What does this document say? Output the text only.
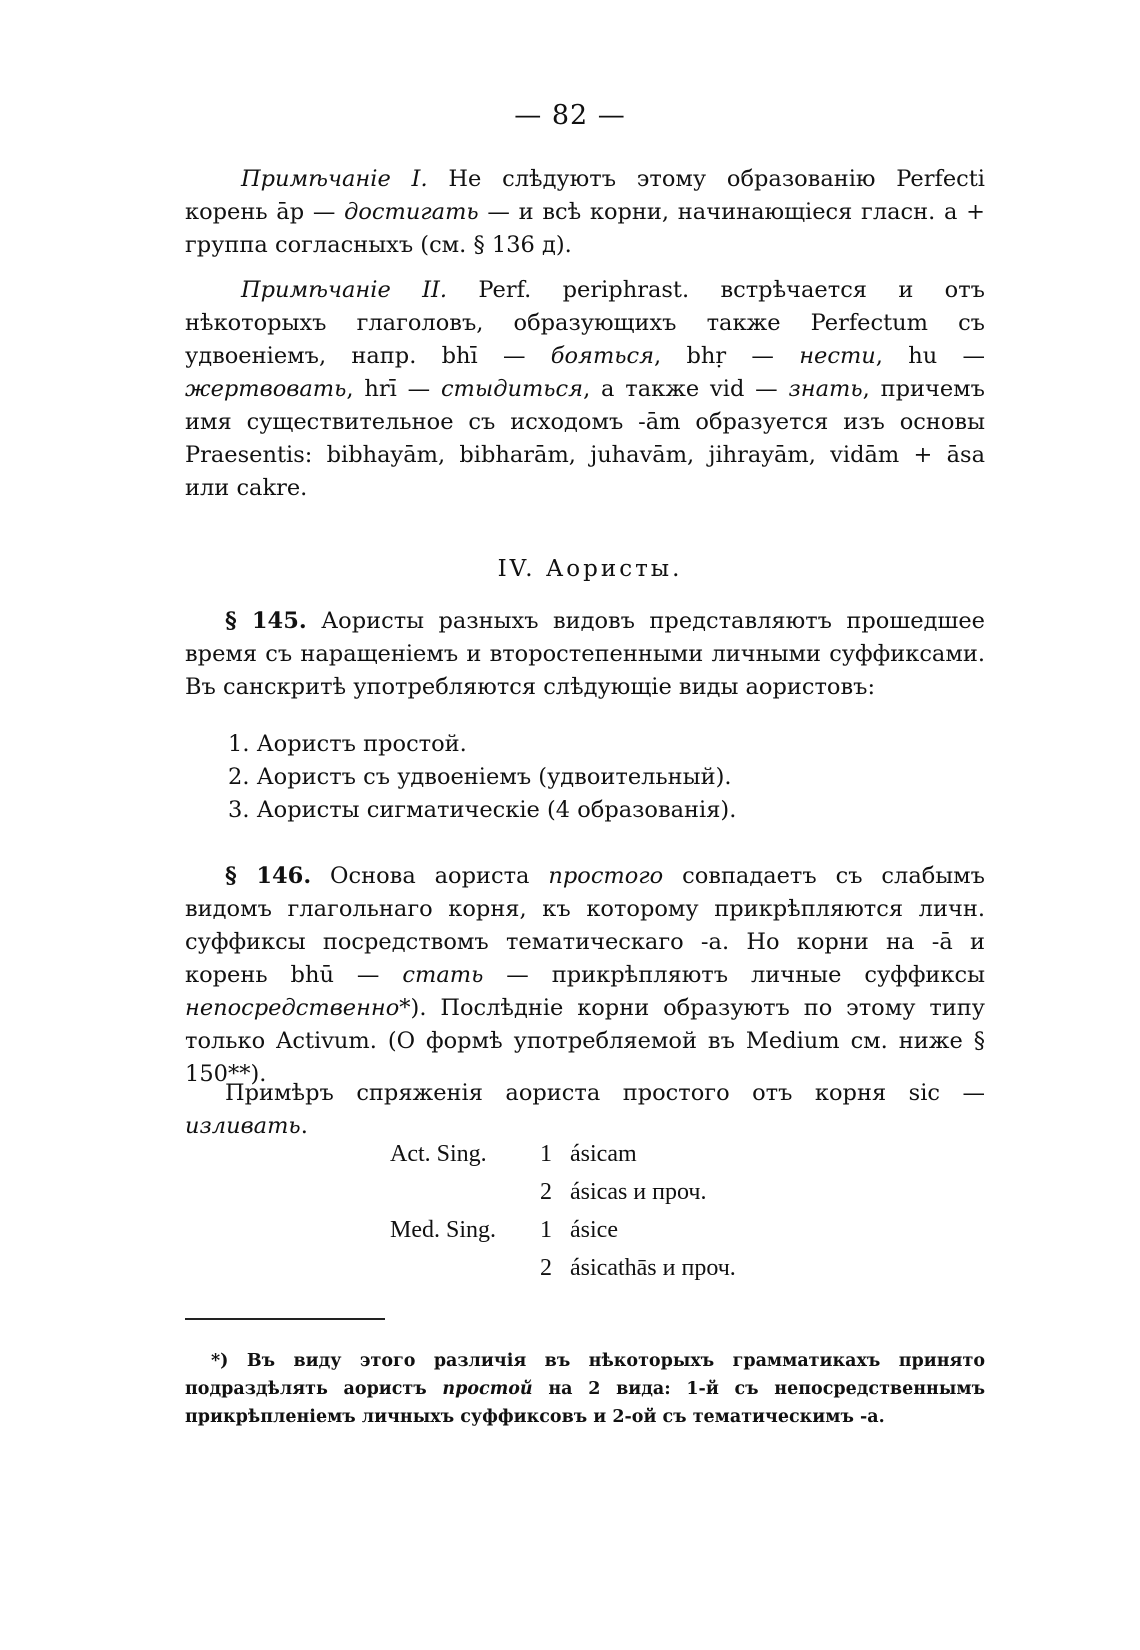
— 82 —

Примѣчаніе I. Не слѣдуютъ этому образованію Perfecti корень āp — достигать — и всѣ корни, начинающіеся гласн. a + группа согласныхъ (см. § 136 д).

Примѣчаніе II. Perf. periphrast. встрѣчается и отъ нѣкоторыхъ глаголовъ, образующихъ также Perfectum съ удвоеніемъ, напр. bhī — бояться, bhṛ — нести, hu — жертвовать, hrī — стыдиться, а также vid — знать, причемъ имя существительное съ исходомъ -ām образуется изъ основы Praesentis: bibhayām, bibharām, juhavām, jihrayām, vidām + āsa или cakre.

IV. Аористы.

§ 145. Аористы разныхъ видовъ представляютъ прошедшее время съ наращеніемъ и второстепенными личными суффиксами. Въ санскритѣ употребляются слѣдующіе виды аористовъ:

1. Аористъ простой.
2. Аористъ съ удвоеніемъ (удвоительный).
3. Аористы сигматическіе (4 образованія).

§ 146. Основа аориста простого совпадаетъ съ слабымъ видомъ глагольнаго корня, къ которому прикрѣпляются личн. суффиксы посредствомъ тематическаго -a. Но корни на -ā и корень bhū — стать — прикрѣпляютъ личные суффиксы непосредственно*). Послѣдніе корни образуютъ по этому типу только Activum. (О формѣ употребляемой въ Medium см. ниже § 150**).

Примѣръ спряженія аориста простого отъ корня sic — изливать.

Act. Sing. 1 ásicam
2 ásicas и проч.
Med. Sing. 1 ásice
2 ásicathās и проч.

*) Въ виду этого различія въ нѣкоторыхъ грамматикахъ принято подраздѣлять аористъ простой на 2 вида: 1-й съ непосредственнымъ прикрѣпленіемъ личныхъ суффиксовъ и 2-ой съ тематическимъ -a.
